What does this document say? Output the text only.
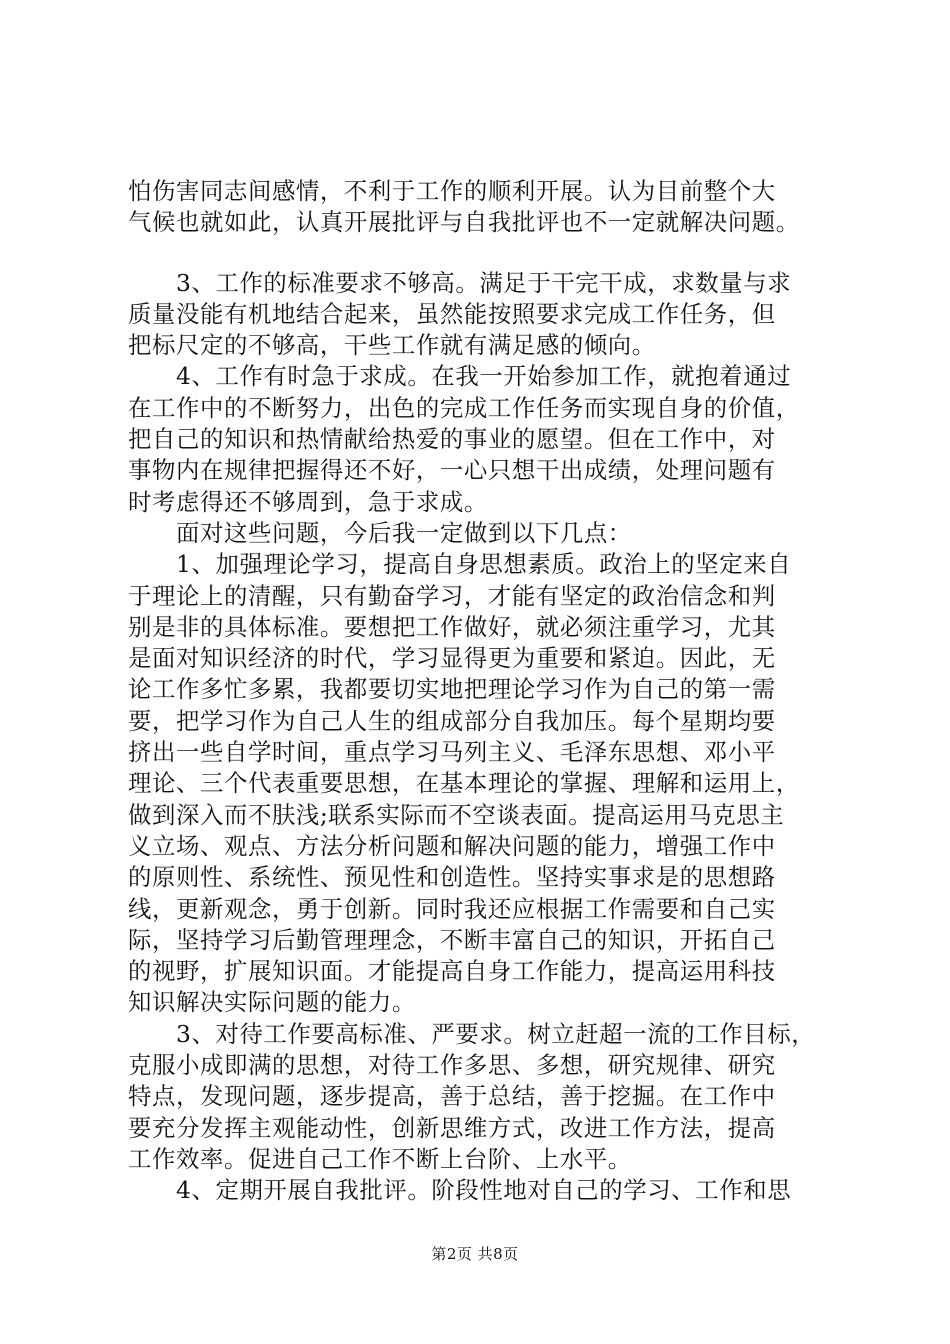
怕伤害同志间感情，不利于工作的顺利开展。认为目前整个大
气候也就如此，认真开展批评与自我批评也不一定就解决问题。
　　3、工作的标准要求不够高。满足于干完干成，求数量与求
质量没能有机地结合起来，虽然能按照要求完成工作任务，但
把标尺定的不够高，干些工作就有满足感的倾向。
　　4、工作有时急于求成。在我一开始参加工作，就抱着通过
在工作中的不断努力，出色的完成工作任务而实现自身的价值，
把自己的知识和热情献给热爱的事业的愿望。但在工作中，对
事物内在规律把握得还不好，一心只想干出成绩，处理问题有
时考虑得还不够周到，急于求成。
　　面对这些问题，今后我一定做到以下几点：
　　1、加强理论学习，提高自身思想素质。政治上的坚定来自
于理论上的清醒，只有勤奋学习，才能有坚定的政治信念和判
别是非的具体标准。要想把工作做好，就必须注重学习，尤其
是面对知识经济的时代，学习显得更为重要和紧迫。因此，无
论工作多忙多累，我都要切实地把理论学习作为自己的第一需
要，把学习作为自己人生的组成部分自我加压。每个星期均要
挤出一些自学时间，重点学习马列主义、毛泽东思想、邓小平
理论、三个代表重要思想，在基本理论的掌握、理解和运用上，
做到深入而不肤浅;联系实际而不空谈表面。提高运用马克思主
义立场、观点、方法分析问题和解决问题的能力，增强工作中
的原则性、系统性、预见性和创造性。坚持实事求是的思想路
线，更新观念，勇于创新。同时我还应根据工作需要和自己实
际，坚持学习后勤管理理念，不断丰富自己的知识，开拓自己
的视野，扩展知识面。才能提高自身工作能力，提高运用科技
知识解决实际问题的能力。
　　3、对待工作要高标准、严要求。树立赶超一流的工作目标，
克服小成即满的思想，对待工作多思、多想，研究规律、研究
特点，发现问题，逐步提高，善于总结，善于挖掘。在工作中
要充分发挥主观能动性，创新思维方式，改进工作方法，提高
工作效率。促进自己工作不断上台阶、上水平。
　　4、定期开展自我批评。阶段性地对自己的学习、工作和思
第2页 共8页
